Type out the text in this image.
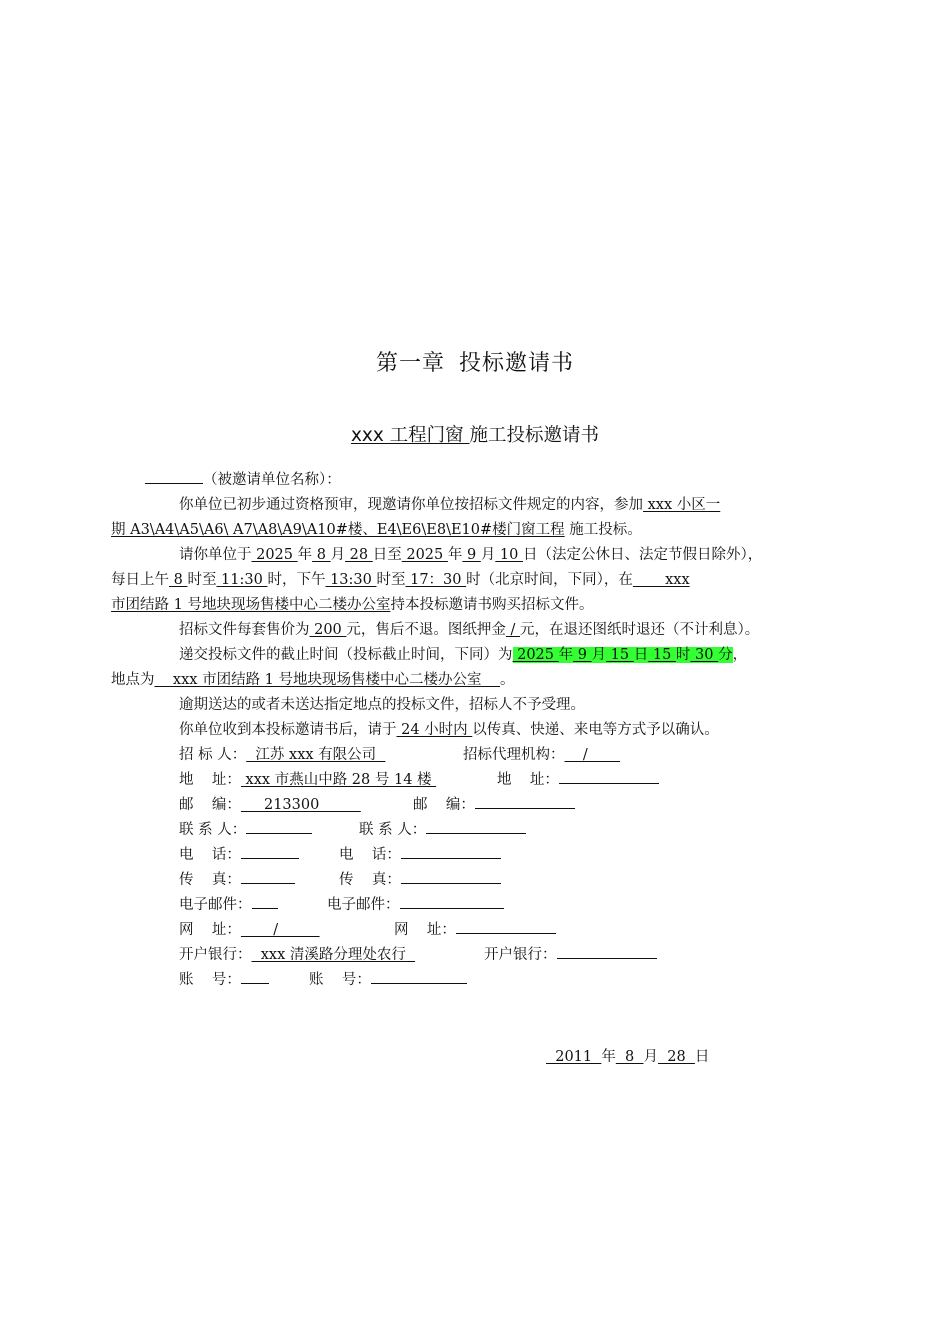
第一章 投标邀请书
xxx 工程门窗 施工投标邀请书

（被邀请单位名称）：

你单位已初步通过资格预审，现邀请你单位按招标文件规定的内容，参加 xxx 小区一
期 A3\A4\A5\A6\ A7\A8\A9\A10#楼、E4\E6\E8\E10#楼门窗工程 施工投标。

请你单位于 2025 年 8 月 28 日至 2025 年 9 月 10 日（法定公休日、法定节假日除外），
每日上午 8 时至 11:30 时，下午 13:30 时至 17：30 时（北京时间，下同），在       xxx
市团结路 1 号地块现场售楼中心二楼办公室持本投标邀请书购买招标文件。

招标文件每套售价为 200 元，售后不退。图纸押金 / 元，在退还图纸时退还（不计利息）。

递交投标文件的截止时间（投标截止时间，下同）为 2025 年 9 月 15 日 15 时 30 分，
地点为    xxx 市团结路 1 号地块现场售楼中心二楼办公室    。

逾期送达的或者未送达指定地点的投标文件，招标人不予受理。

你单位收到本投标邀请书后，请于 24 小时内 以传真、快递、来电等方式予以确认。

招 标 人：  江苏 xxx 有限公司	招标代理机构：    /
地    址： xxx 市燕山中路 28 号 14 楼	地    址：
邮    编：     213300	邮    编：
联 系 人：	联 系 人：
电    话：	电    话：
传    真：	传    真：
电子邮件：	电子邮件：
网    址：       /	网    址：
开户银行：  xxx 清溪路分理处农行	开户银行：
账    号：	账    号：
2011  年  8  月  28  日
